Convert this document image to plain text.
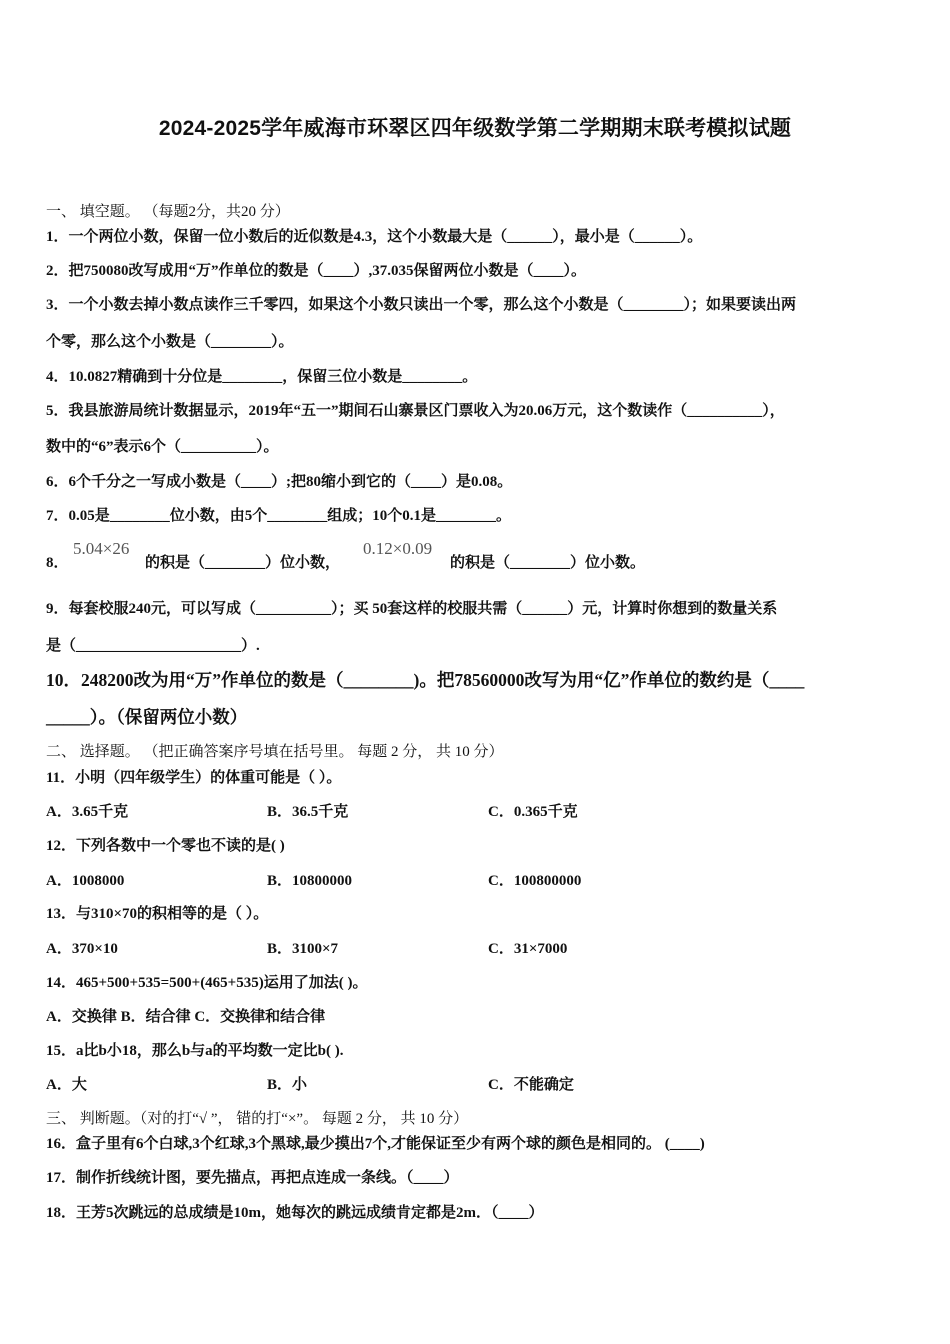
2024-2025学年威海市环翠区四年级数学第二学期期末联考模拟试题
一、 填空题。 （每题2分，共20 分）
1．一个两位小数，保留一位小数后的近似数是4.3，这个小数最大是（______），最小是（______）。
2．把750080改写成用“万”作单位的数是（____）,37.035保留两位小数是（____）。
3．一个小数去掉小数点读作三千零四，如果这个小数只读出一个零，那么这个小数是（________）；如果要读出两
个零，那么这个小数是（________）。
4．10.0827精确到十分位是________，保留三位小数是________。
5．我县旅游局统计数据显示，2019年“五一”期间石山寨景区门票收入为20.06万元，这个数读作（__________），
数中的“6”表示6个（__________）。
6．6个千分之一写成小数是（____）;把80缩小到它的（____）是0.08。
7．0.05是________位小数，由5个________组成；10个0.1是________。
8．
5.04×26
的积是（________）位小数，
0.12×0.09
的积是（________）位小数。
9．每套校服240元，可以写成（__________）；买 50套这样的校服共需（______）元，计算时你想到的数量关系
是（______________________）.
10．248200改为用“万”作单位的数是（________)。把78560000改写为用“亿”作单位的数约是（____
_____）。（保留两位小数）
二、 选择题。 （把正确答案序号填在括号里。 每题 2 分， 共 10 分）
11．小明（四年级学生）的体重可能是（ ）。
A．3.65千克	B．36.5千克	C．0.365千克
12．下列各数中一个零也不读的是( )
A．1008000	B．10800000	C．100800000
13．与310×70的积相等的是（ ）。
A．370×10	B．3100×7	C．31×7000
14．465+500+535=500+(465+535)运用了加法( )。
A．交换律 B．结合律 C．交换律和结合律
15．a比b小18，那么b与a的平均数一定比b( ).
A．大	B．小	C．不能确定
三、 判断题。（对的打“√ ”， 错的打“×”。 每题 2 分， 共 10 分）
16．盒子里有6个白球,3个红球,3个黑球,最少摸出7个,才能保证至少有两个球的颜色是相同的。 (____)
17．制作折线统计图，要先描点，再把点连成一条线。（____）
18．王芳5次跳远的总成绩是10m，她每次的跳远成绩肯定都是2m．（____）
